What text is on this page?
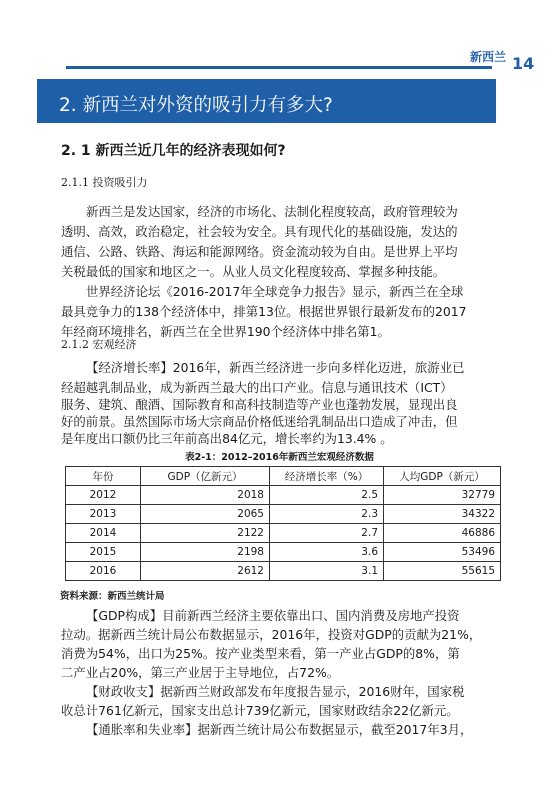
新西兰 14
2. 新西兰对外资的吸引力有多大?
2. 1 新西兰近几年的经济表现如何?
2.1.1 投资吸引力
新西兰是发达国家，经济的市场化、法制化程度较高，政府管理较为
透明、高效，政治稳定，社会较为安全。具有现代化的基础设施，发达的
通信、公路、铁路、海运和能源网络。资金流动较为自由。是世界上平均
关税最低的国家和地区之一。从业人员文化程度较高、掌握多种技能。
世界经济论坛《2016-2017年全球竞争力报告》显示，新西兰在全球
最具竞争力的138个经济体中，排第13位。根据世界银行最新发布的2017
年经商环境排名，新西兰在全世界190个经济体中排名第1。
2.1.2 宏观经济
【经济增长率】2016年，新西兰经济进一步向多样化迈进，旅游业已
经超越乳制品业，成为新西兰最大的出口产业。信息与通讯技术（ICT）
服务、建筑、酿酒、国际教育和高科技制造等产业也蓬勃发展，显现出良
好的前景。虽然国际市场大宗商品价格低迷给乳制品出口造成了冲击，但
是年度出口额仍比三年前高出84亿元，增长率约为13.4% 。
表2-1：2012–2016年新西兰宏观经济数据
年份	GDP（亿新元）	经济增长率（%）	人均GDP（新元）
2012	2018	2.5	32779
2013	2065	2.3	34322
2014	2122	2.7	46886
2015	2198	3.6	53496
2016	2612	3.1	55615
资料来源：新西兰统计局
【GDP构成】目前新西兰经济主要依靠出口、国内消费及房地产投资
拉动。据新西兰统计局公布数据显示，2016年，投资对GDP的贡献为21%，
消费为54%，出口为25%。按产业类型来看，第一产业占GDP的8%，第
二产业占20%，第三产业居于主导地位，占72%。
【财政收支】据新西兰财政部发布年度报告显示，2016财年，国家税
收总计761亿新元，国家支出总计739亿新元，国家财政结余22亿新元。
【通胀率和失业率】据新西兰统计局公布数据显示，截至2017年3月，
